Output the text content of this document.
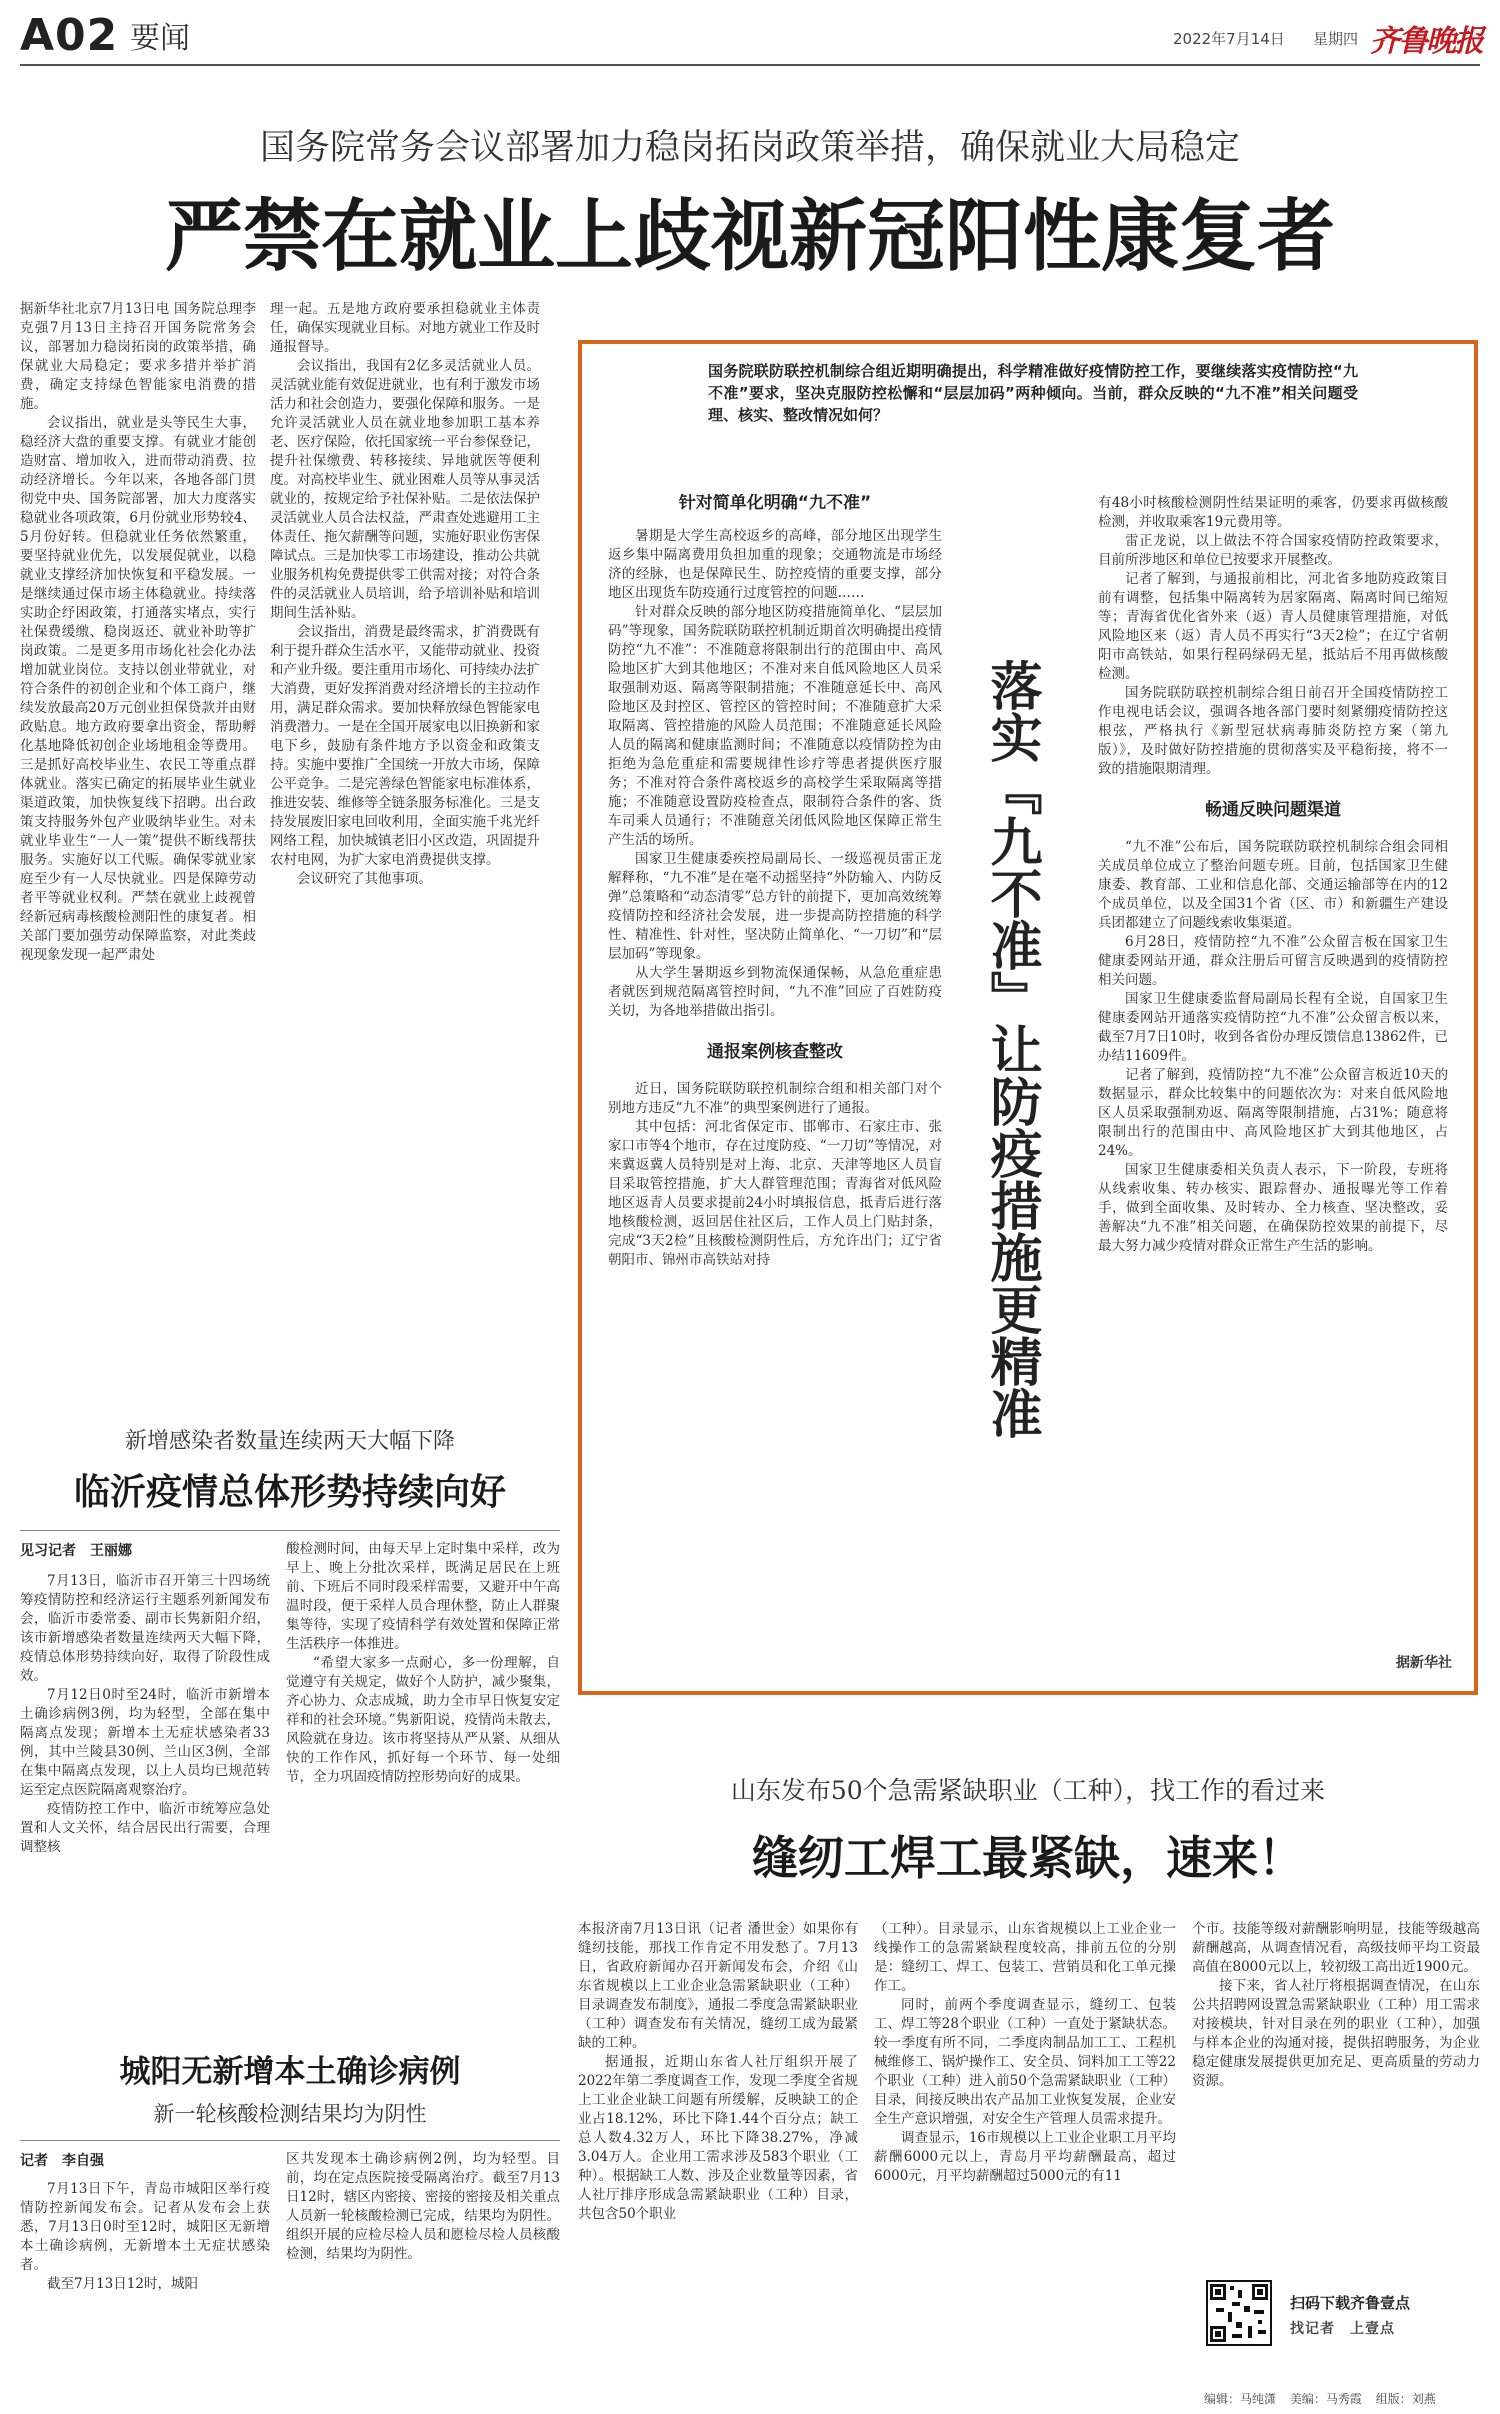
A02 要闻	2022年7月14日 星期四 齐鲁晚报
国务院常务会议部署加力稳岗拓岗政策举措，确保就业大局稳定
严禁在就业上歧视新冠阳性康复者

据新华社北京7月13日电 国务院总理李克强7月13日主持召开国务院常务会议，部署加力稳岗拓岗的政策举措，确保就业大局稳定；要求多措并举扩消费，确定支持绿色智能家电消费的措施。

会议指出，就业是头等民生大事，稳经济大盘的重要支撑。有就业才能创造财富、增加收入，进而带动消费、拉动经济增长。今年以来，各地各部门贯彻党中央、国务院部署，加大力度落实稳就业各项政策，6月份就业形势较4、5月份好转。但稳就业任务依然繁重，要坚持就业优先，以发展促就业，以稳就业支撑经济加快恢复和平稳发展。一是继续通过保市场主体稳就业。持续落实助企纾困政策，打通落实堵点，实行社保费缓缴、稳岗返还、就业补助等扩岗政策。二是更多用市场化社会化办法增加就业岗位。支持以创业带就业，对符合条件的初创企业和个体工商户，继续发放最高20万元创业担保贷款并由财政贴息。地方政府要拿出资金，帮助孵化基地降低初创企业场地租金等费用。三是抓好高校毕业生、农民工等重点群体就业。落实已确定的拓展毕业生就业渠道政策，加快恢复线下招聘。出台政策支持服务外包产业吸纳毕业生。对未就业毕业生“一人一策”提供不断线帮扶服务。实施好以工代赈。确保零就业家庭至少有一人尽快就业。四是保障劳动者平等就业权利。严禁在就业上歧视曾经新冠病毒核酸检测阳性的康复者。相关部门要加强劳动保障监察，对此类歧视现象发现一起严肃处

理一起。五是地方政府要承担稳就业主体责任，确保实现就业目标。对地方就业工作及时通报督导。

会议指出，我国有2亿多灵活就业人员。灵活就业能有效促进就业，也有利于激发市场活力和社会创造力，要强化保障和服务。一是允许灵活就业人员在就业地参加职工基本养老、医疗保险，依托国家统一平台参保登记，提升社保缴费、转移接续、异地就医等便利度。对高校毕业生、就业困难人员等从事灵活就业的，按规定给予社保补贴。二是依法保护灵活就业人员合法权益，严肃查处逃避用工主体责任、拖欠薪酬等问题，实施好职业伤害保障试点。三是加快零工市场建设，推动公共就业服务机构免费提供零工供需对接；对符合条件的灵活就业人员培训，给予培训补贴和培训期间生活补贴。

会议指出，消费是最终需求，扩消费既有利于提升群众生活水平，又能带动就业、投资和产业升级。要注重用市场化、可持续办法扩大消费，更好发挥消费对经济增长的主拉动作用，满足群众需求。要加快释放绿色智能家电消费潜力。一是在全国开展家电以旧换新和家电下乡，鼓励有条件地方予以资金和政策支持。实施中要推广全国统一开放大市场，保障公平竞争。二是完善绿色智能家电标准体系，推进安装、维修等全链条服务标准化。三是支持发展废旧家电回收利用，全面实施千兆光纤网络工程，加快城镇老旧小区改造，巩固提升农村电网，为扩大家电消费提供支撑。

会议研究了其他事项。

国务院联防联控机制综合组近期明确提出，科学精准做好疫情防控工作，要继续落实疫情防控“九不准”要求，坚决克服防控松懈和“层层加码”两种倾向。当前，群众反映的“九不准”相关问题受理、核实、整改情况如何？
针对简单化明确“九不准”

暑期是大学生高校返乡的高峰，部分地区出现学生返乡集中隔离费用负担加重的现象；交通物流是市场经济的经脉，也是保障民生、防控疫情的重要支撑，部分地区出现货车防疫通行过度管控的问题……

针对群众反映的部分地区防疫措施简单化、“层层加码”等现象，国务院联防联控机制近期首次明确提出疫情防控“九不准”：不准随意将限制出行的范围由中、高风险地区扩大到其他地区；不准对来自低风险地区人员采取强制劝返、隔离等限制措施；不准随意延长中、高风险地区及封控区、管控区的管控时间；不准随意扩大采取隔离、管控措施的风险人员范围；不准随意延长风险人员的隔离和健康监测时间；不准随意以疫情防控为由拒绝为急危重症和需要规律性诊疗等患者提供医疗服务；不准对符合条件离校返乡的高校学生采取隔离等措施；不准随意设置防疫检查点，限制符合条件的客、货车司乘人员通行；不准随意关闭低风险地区保障正常生产生活的场所。

国家卫生健康委疾控局副局长、一级巡视员雷正龙解释称，“九不准”是在毫不动摇坚持“外防输入、内防反弹”总策略和“动态清零”总方针的前提下，更加高效统筹疫情防控和经济社会发展，进一步提高防控措施的科学性、精准性、针对性，坚决防止简单化、“一刀切”和“层层加码”等现象。

从大学生暑期返乡到物流保通保畅，从急危重症患者就医到规范隔离管控时间，“九不准”回应了百姓防疫关切，为各地举措做出指引。

通报案例核查整改

近日，国务院联防联控机制综合组和相关部门对个别地方违反“九不准”的典型案例进行了通报。

其中包括：河北省保定市、邯郸市、石家庄市、张家口市等4个地市，存在过度防疫、“一刀切”等情况，对来冀返冀人员特别是对上海、北京、天津等地区人员盲目采取管控措施，扩大人群管理范围；青海省对低风险地区返青人员要求提前24小时填报信息，抵青后进行落地核酸检测，返回居住社区后，工作人员上门贴封条，完成“3天2检”且核酸检测阴性后，方允许出门；辽宁省朝阳市、锦州市高铁站对持	落实『九不准』让防疫措施更精准

有48小时核酸检测阴性结果证明的乘客，仍要求再做核酸检测，并收取乘客19元费用等。

雷正龙说，以上做法不符合国家疫情防控政策要求，目前所涉地区和单位已按要求开展整改。

记者了解到，与通报前相比，河北省多地防疫政策目前有调整，包括集中隔离转为居家隔离、隔离时间已缩短等；青海省优化省外来（返）青人员健康管理措施，对低风险地区来（返）青人员不再实行“3天2检”；在辽宁省朝阳市高铁站，如果行程码绿码无星，抵站后不用再做核酸检测。

国务院联防联控机制综合组日前召开全国疫情防控工作电视电话会议，强调各地各部门要时刻紧绷疫情防控这根弦，严格执行《新型冠状病毒肺炎防控方案（第九版）》，及时做好防控措施的贯彻落实及平稳衔接，将不一致的措施限期清理。

畅通反映问题渠道

“九不准”公布后，国务院联防联控机制综合组会同相关成员单位成立了整治问题专班。目前，包括国家卫生健康委、教育部、工业和信息化部、交通运输部等在内的12个成员单位，以及全国31个省（区、市）和新疆生产建设兵团都建立了问题线索收集渠道。

6月28日，疫情防控“九不准”公众留言板在国家卫生健康委网站开通，群众注册后可留言反映遇到的疫情防控相关问题。

国家卫生健康委监督局副局长程有全说，自国家卫生健康委网站开通落实疫情防控“九不准”公众留言板以来，截至7月7日10时，收到各省份办理反馈信息13862件，已办结11609件。

记者了解到，疫情防控“九不准”公众留言板近10天的数据显示，群众比较集中的问题依次为：对来自低风险地区人员采取强制劝返、隔离等限制措施，占31%；随意将限制出行的范围由中、高风险地区扩大到其他地区，占24%。

国家卫生健康委相关负责人表示，下一阶段，专班将从线索收集、转办核实、跟踪督办、通报曝光等工作着手，做到全面收集、及时转办、全力核查、坚决整改，妥善解决“九不准”相关问题，在确保防控效果的前提下，尽最大努力减少疫情对群众正常生产生活的影响。

据新华社
新增感染者数量连续两天大幅下降
临沂疫情总体形势持续向好
见习记者　王丽娜

7月13日，临沂市召开第三十四场统筹疫情防控和经济运行主题系列新闻发布会，临沂市委常委、副市长隽新阳介绍，该市新增感染者数量连续两天大幅下降，疫情总体形势持续向好，取得了阶段性成效。

7月12日0时至24时，临沂市新增本土确诊病例3例，均为轻型，全部在集中隔离点发现；新增本土无症状感染者33例，其中兰陵县30例、兰山区3例，全部在集中隔离点发现，以上人员均已规范转运至定点医院隔离观察治疗。

疫情防控工作中，临沂市统筹应急处置和人文关怀，结合居民出行需要，合理调整核

酸检测时间，由每天早上定时集中采样，改为早上、晚上分批次采样，既满足居民在上班前、下班后不同时段采样需要，又避开中午高温时段，便于采样人员合理休整，防止人群聚集等待，实现了疫情科学有效处置和保障正常生活秩序一体推进。

“希望大家多一点耐心，多一份理解，自觉遵守有关规定，做好个人防护，减少聚集，齐心协力、众志成城，助力全市早日恢复安定祥和的社会环境。”隽新阳说，疫情尚未散去，风险就在身边。该市将坚持从严从紧、从细从快的工作作风，抓好每一个环节、每一处细节，全力巩固疫情防控形势向好的成果。

城阳无新增本土确诊病例
新一轮核酸检测结果均为阴性
记者　李自强

7月13日下午，青岛市城阳区举行疫情防控新闻发布会。记者从发布会上获悉，7月13日0时至12时，城阳区无新增本土确诊病例，无新增本土无症状感染者。

截至7月13日12时，城阳

区共发现本土确诊病例2例，均为轻型。目前，均在定点医院接受隔离治疗。截至7月13日12时，辖区内密接、密接的密接及相关重点人员新一轮核酸检测已完成，结果均为阴性。组织开展的应检尽检人员和愿检尽检人员核酸检测，结果均为阴性。

山东发布50个急需紧缺职业（工种），找工作的看过来
缝纫工焊工最紧缺，速来！

本报济南7月13日讯（记者 潘世金）如果你有缝纫技能，那找工作肯定不用发愁了。7月13日，省政府新闻办召开新闻发布会，介绍《山东省规模以上工业企业急需紧缺职业（工种）目录调查发布制度》，通报二季度急需紧缺职业（工种）调查发布有关情况，缝纫工成为最紧缺的工种。

据通报，近期山东省人社厅组织开展了2022年第二季度调查工作，发现二季度全省规上工业企业缺工问题有所缓解，反映缺工的企业占18.12%，环比下降1.44个百分点；缺工总人数4.32万人，环比下降38.27%，净减3.04万人。企业用工需求涉及583个职业（工种）。根据缺工人数、涉及企业数量等因素，省人社厅排序形成急需紧缺职业（工种）目录，共包含50个职业

（工种）。目录显示，山东省规模以上工业企业一线操作工的急需紧缺程度较高，排前五位的分别是：缝纫工、焊工、包装工、营销员和化工单元操作工。

同时，前两个季度调查显示，缝纫工、包装工、焊工等28个职业（工种）一直处于紧缺状态。较一季度有所不同，二季度肉制品加工工、工程机械维修工、锅炉操作工、安全员、饲料加工工等22个职业（工种）进入前50个急需紧缺职业（工种）目录，间接反映出农产品加工业恢复发展，企业安全生产意识增强，对安全生产管理人员需求提升。

调查显示，16市规模以上工业企业职工月平均薪酬6000元以上，青岛月平均薪酬最高，超过6000元，月平均薪酬超过5000元的有11

个市。技能等级对薪酬影响明显，技能等级越高薪酬越高，从调查情况看，高级技师平均工资最高值在8000元以上，较初级工高出近1900元。

接下来，省人社厅将根据调查情况，在山东公共招聘网设置急需紧缺职业（工种）用工需求对接模块，针对目录在列的职业（工种），加强与样本企业的沟通对接，提供招聘服务，为企业稳定健康发展提供更加充足、更高质量的劳动力资源。

扫码下载齐鲁壹点
找记者　上壹点
编辑：马纯潇 美编：马秀霞 组版：刘燕
